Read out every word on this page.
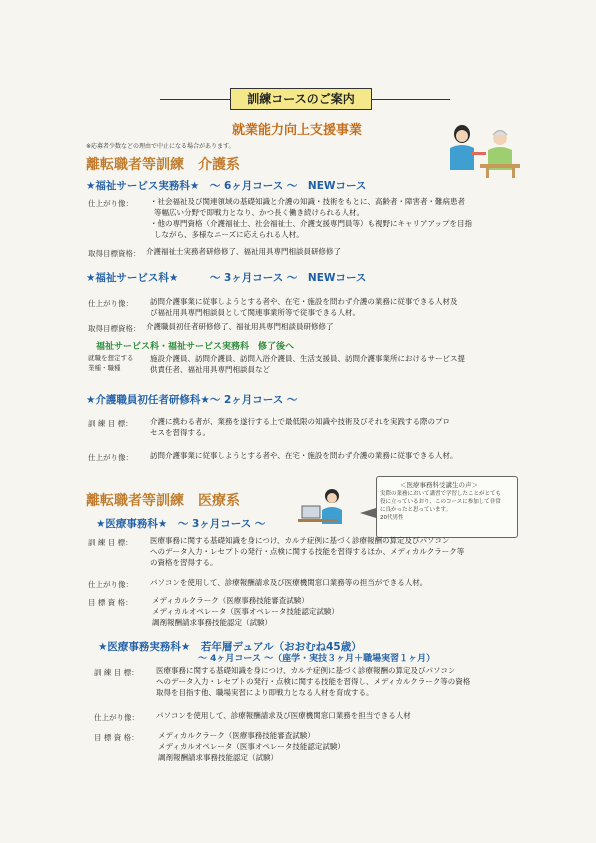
訓練コースのご案内
就業能力向上支援事業
※応募者少数などの理由で中止になる場合があります。
離転職者等訓練　介護系
★福祉サービス実務科★　～ 6ヶ月コース ～　NEWコース
仕上がり像： ・社会福祉及び関連領域の基礎知識と介護の知識・技術をもとに、高齢者・障害者・難病患者
等幅広い分野で即戦力となり、かつ長く働き続けられる人材。
・他の専門資格（介護福祉士、社会福祉士、介護支援専門員等）も視野にキャリアアップを目指
しながら、多様なニーズに応えられる人材。
取得目標資格： 介護福祉士実務者研修修了、福祉用具専門相談員研修修了
★福祉サービス科★　　　～ 3ヶ月コース ～　NEWコース
仕上がり像： 訪問介護事業に従事しようとする者や、在宅・施設を問わず介護の業務に従事できる人材及
び福祉用具専門相談員として関連事業所等で従事できる人材。
取得目標資格： 介護職員初任者研修修了、福祉用具専門相談員研修修了
福祉サービス科・福祉サービス実務科　修了後へ
就職を想定する
業種・職種
施設介護員、訪問介護員、訪問入浴介護員、生活支援員、訪問介護事業所におけるサービス提
供責任者、福祉用具専門相談員など
★介護職員初任者研修科★～ 2ヶ月コース ～
訓 練 目 標： 介護に携わる者が、業務を遂行する上で最低限の知識や技術及びそれを実践する際のプロ
セスを習得する。
仕上がり像： 訪問介護事業に従事しようとする者や、在宅・施設を問わず介護の業務に従事できる人材。
離転職者等訓練　医療系
＜医療事務科受講生の声＞
実際の業務において講習で学習したことがとても
役に立っているおり、このコースに参加して非常
に良かったと思っています。
20代男性
★医療事務科★　～ 3ヶ月コース ～
訓 練 目 標： 医療事務に関する基礎知識を身につけ、カルテ症例に基づく診療報酬の算定及びパソコン
へのデータ入力・レセプトの発行・点検に関する技能を習得するほか、メディカルクラーク等
の資格を習得する。
仕上がり像： パソコンを使用して、診療報酬請求及び医療機関窓口業務等の担当ができる人材。
目 標 資 格：	メディカルクラーク（医療事務技能審査試験）
メディカルオペレータ（医事オペレータ技能認定試験）
調剤報酬請求事務技能認定（試験）
★医療事務実務科★　若年層デュアル（おおむね45歳）
～ 4ヶ月コース ～（座学・実技３ヶ月＋職場実習１ヶ月）
訓 練 目 標： 医療事務に関する基礎知識を身につけ、カルテ症例に基づく診療報酬の算定及びパソコン
へのデータ入力・レセプトの発行・点検に関する技能を習得し、メディカルクラーク等の資格
取得を目指す他、職場実習により即戦力となる人材を育成する。
仕上がり像： パソコンを使用して、診療報酬請求及び医療機関窓口業務を担当できる人材
目 標 資 格：	メディカルクラーク（医療事務技能審査試験）
メディカルオペレータ（医事オペレータ技能認定試験）
調剤報酬請求事務技能認定（試験）
